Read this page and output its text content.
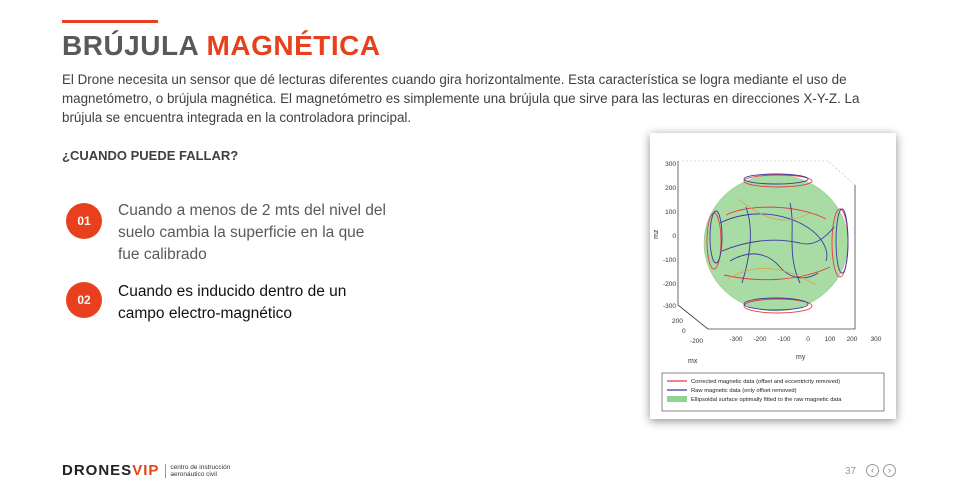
BRÚJULA MAGNÉTICA
El Drone necesita un sensor que dé lecturas diferentes cuando gira horizontalmente. Esta característica se logra mediante el uso de magnetómetro, o brújula magnética. El magnetómetro es simplemente una brújula que sirve para las lecturas en direcciones X-Y-Z. La brújula se encuentra integrada en la controladora principal.
¿CUANDO PUEDE FALLAR?
01
Cuando a menos de 2 mts del nivel del suelo cambia la superficie en la que fue calibrado
02	Cuando es inducido dentro de un campo electro-magnético
300
200
100
0
-100
-200
-300
mz
200
0
-200
mx
-300 -200 -100 0 100 200 300
my
Corrected magnetic data (offset and eccentricity removed)
Raw magnetic data (only offset removed)
Ellipsoidal surface optimally fitted to the raw magnetic data
DRONESVIP	centro de instrucción aeronáutico civil	37 ‹ ›
